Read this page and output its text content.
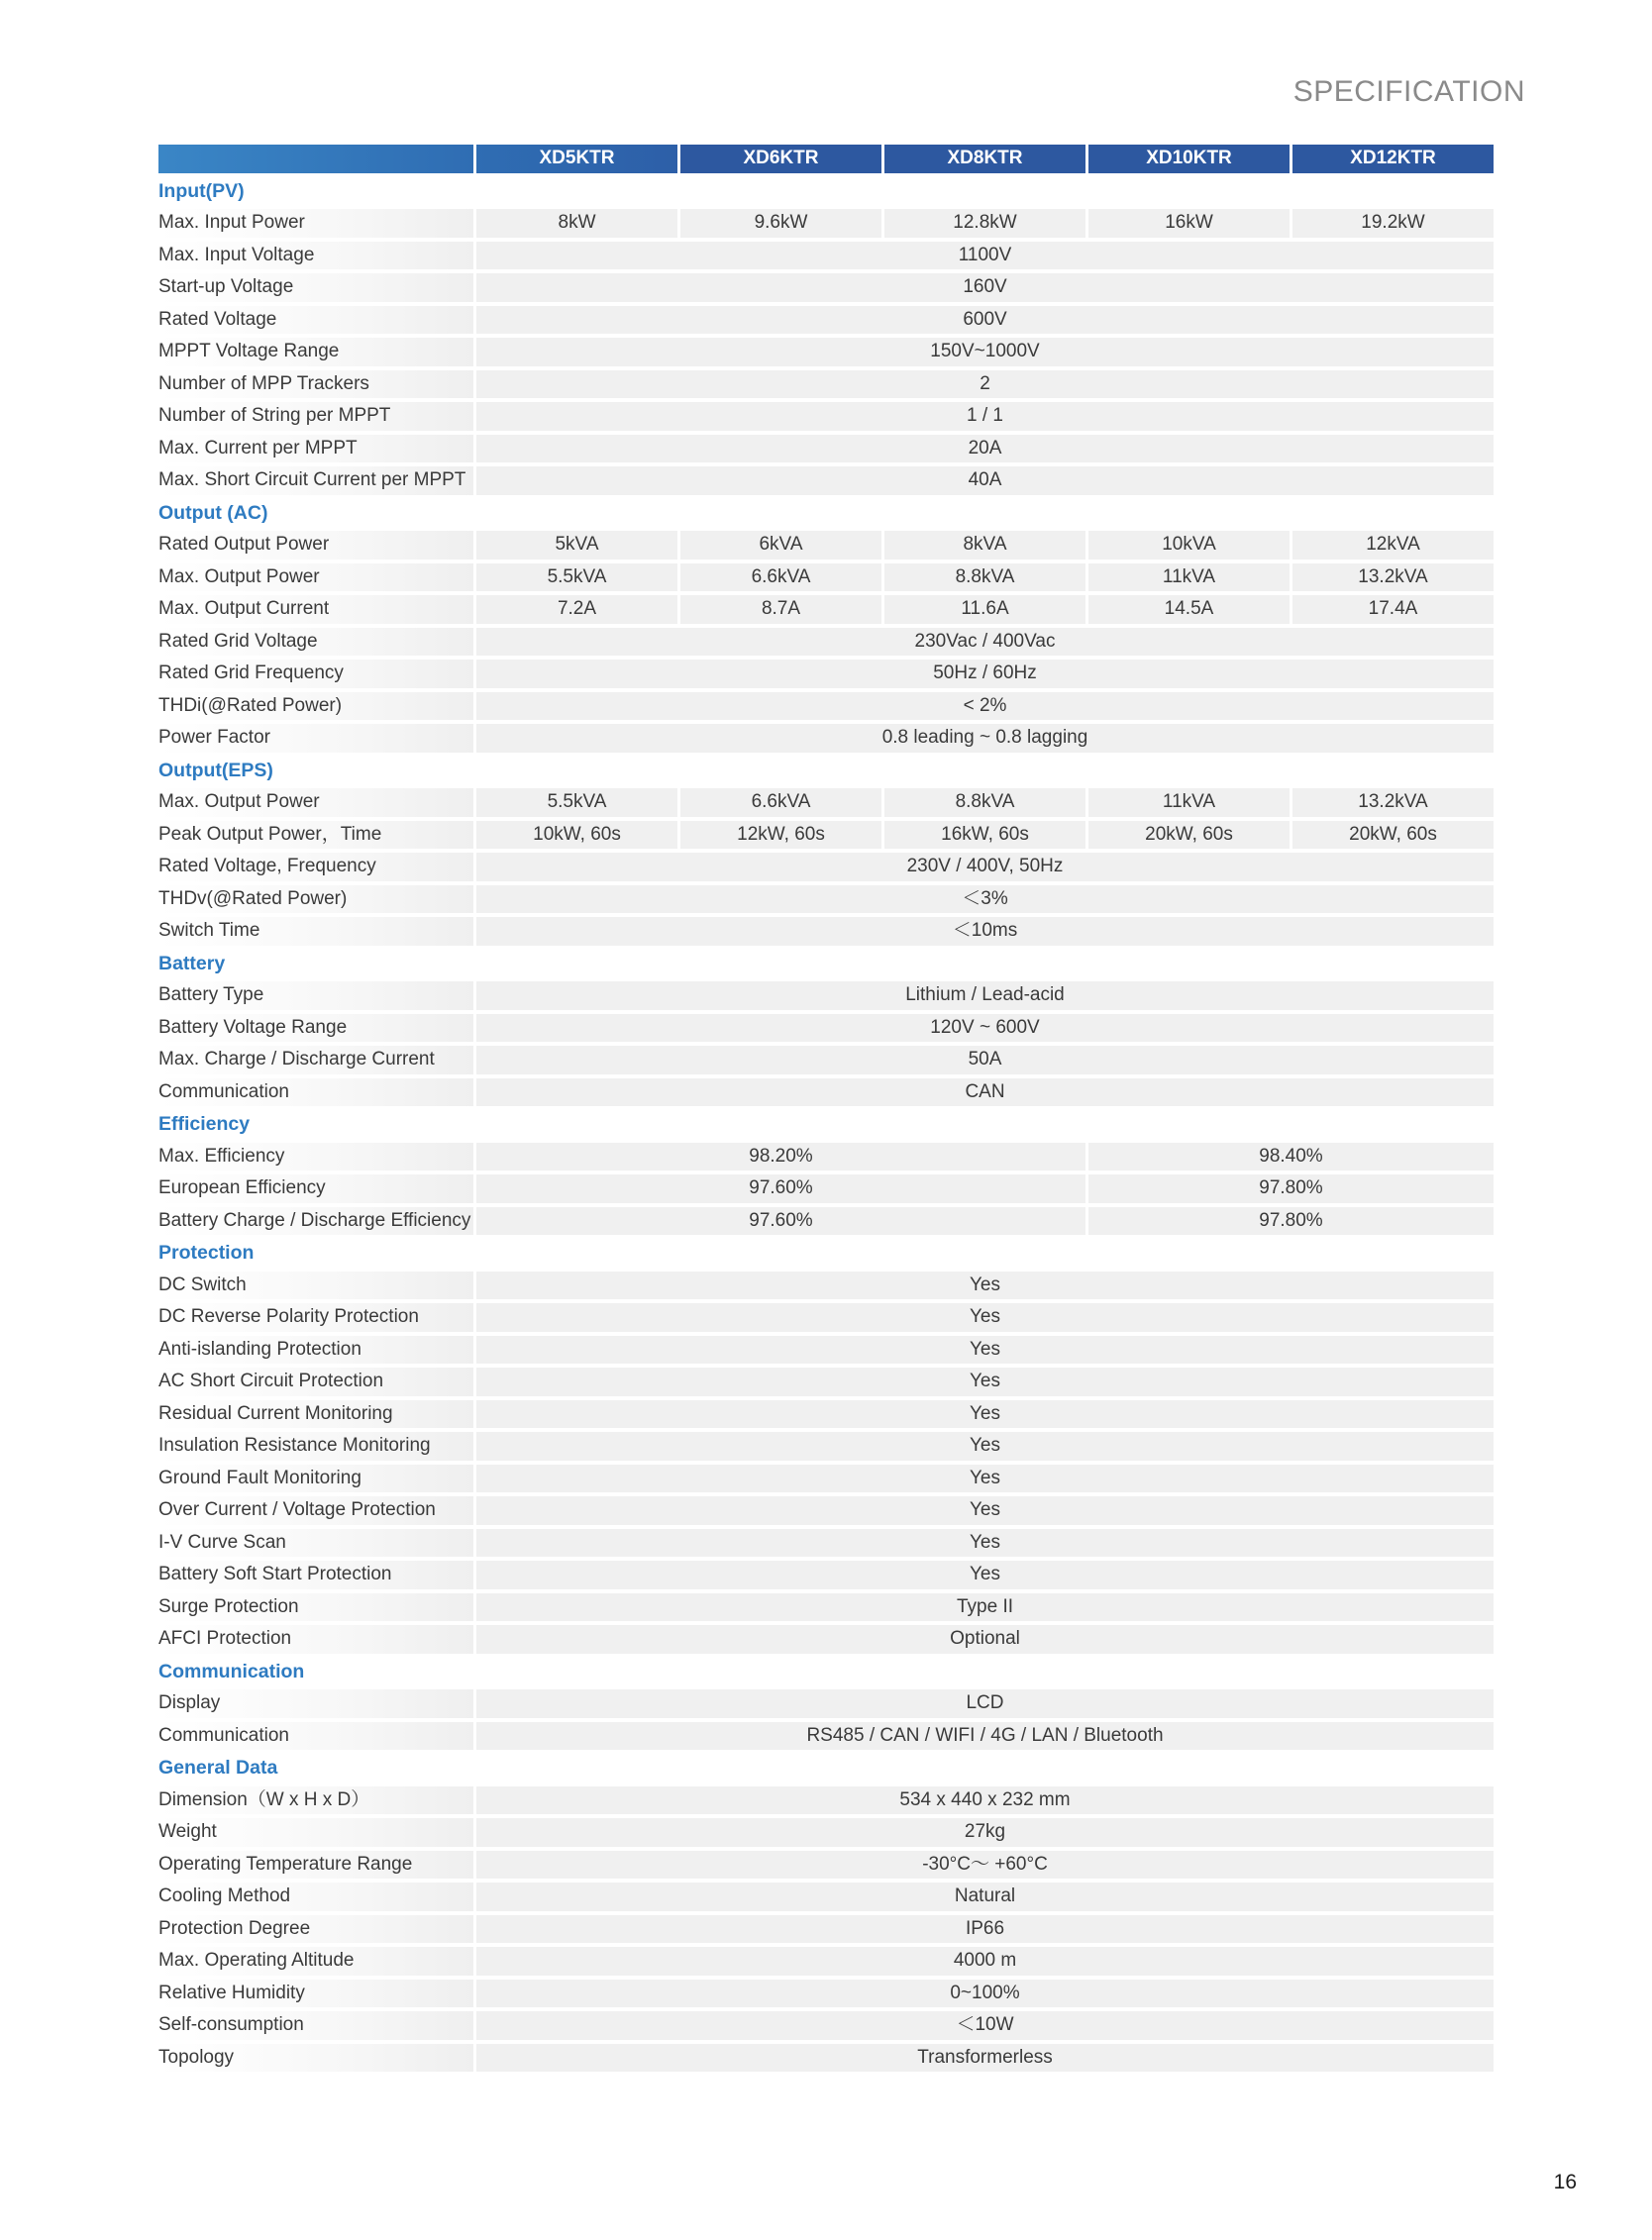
SPECIFICATION
	XD5KTR	XD6KTR	XD8KTR	XD10KTR	XD12KTR
Input(PV)					
Max. Input Power	8kW	9.6kW	12.8kW	16kW	19.2kW
Max. Input Voltage	1100V				
Start-up Voltage	160V				
Rated Voltage	600V				
MPPT Voltage Range	150V~1000V				
Number of MPP Trackers	2				
Number of String per MPPT	1 / 1				
Max. Current per MPPT	20A				
Max. Short Circuit Current per MPPT	40A				
Output (AC)					
Rated Output Power	5kVA	6kVA	8kVA	10kVA	12kVA
Max. Output Power	5.5kVA	6.6kVA	8.8kVA	11kVA	13.2kVA
Max. Output Current	7.2A	8.7A	11.6A	14.5A	17.4A
Rated Grid Voltage	230Vac / 400Vac				
Rated Grid Frequency	50Hz / 60Hz				
THDi(@Rated Power)	< 2%				
Power Factor	0.8 leading ~ 0.8 lagging				
Output(EPS)					
Max. Output Power	5.5kVA	6.6kVA	8.8kVA	11kVA	13.2kVA
Peak Output Power，Time	10kW, 60s	12kW, 60s	16kW, 60s	20kW, 60s	20kW, 60s
Rated Voltage, Frequency	230V / 400V, 50Hz				
THDv(@Rated Power)	＜3%				
Switch Time	＜10ms				
Battery					
Battery Type	Lithium / Lead-acid				
Battery Voltage Range	120V ~ 600V				
Max. Charge / Discharge Current	50A				
Communication	CAN				
Efficiency					
Max. Efficiency	98.20%			98.40%	
European Efficiency	97.60%			97.80%	
Battery Charge / Discharge Efficiency	97.60%			97.80%	
Protection					
DC Switch	Yes				
DC Reverse Polarity Protection	Yes				
Anti-islanding Protection	Yes				
AC Short Circuit Protection	Yes				
Residual Current Monitoring	Yes				
Insulation Resistance Monitoring	Yes				
Ground Fault Monitoring	Yes				
Over Current / Voltage Protection	Yes				
I-V Curve Scan	Yes				
Battery Soft Start Protection	Yes				
Surge Protection	Type II				
AFCI Protection	Optional				
Communication					
Display	LCD				
Communication	RS485 / CAN / WIFI / 4G / LAN / Bluetooth				
General Data					
Dimension（W x H x D）	534 x 440 x 232 mm				
Weight	27kg				
Operating Temperature Range	-30°C～ +60°C				
Cooling Method	Natural				
Protection Degree	IP66				
Max. Operating Altitude	4000 m				
Relative Humidity	0~100%				
Self-consumption	＜10W				
Topology	Transformerless				
16
